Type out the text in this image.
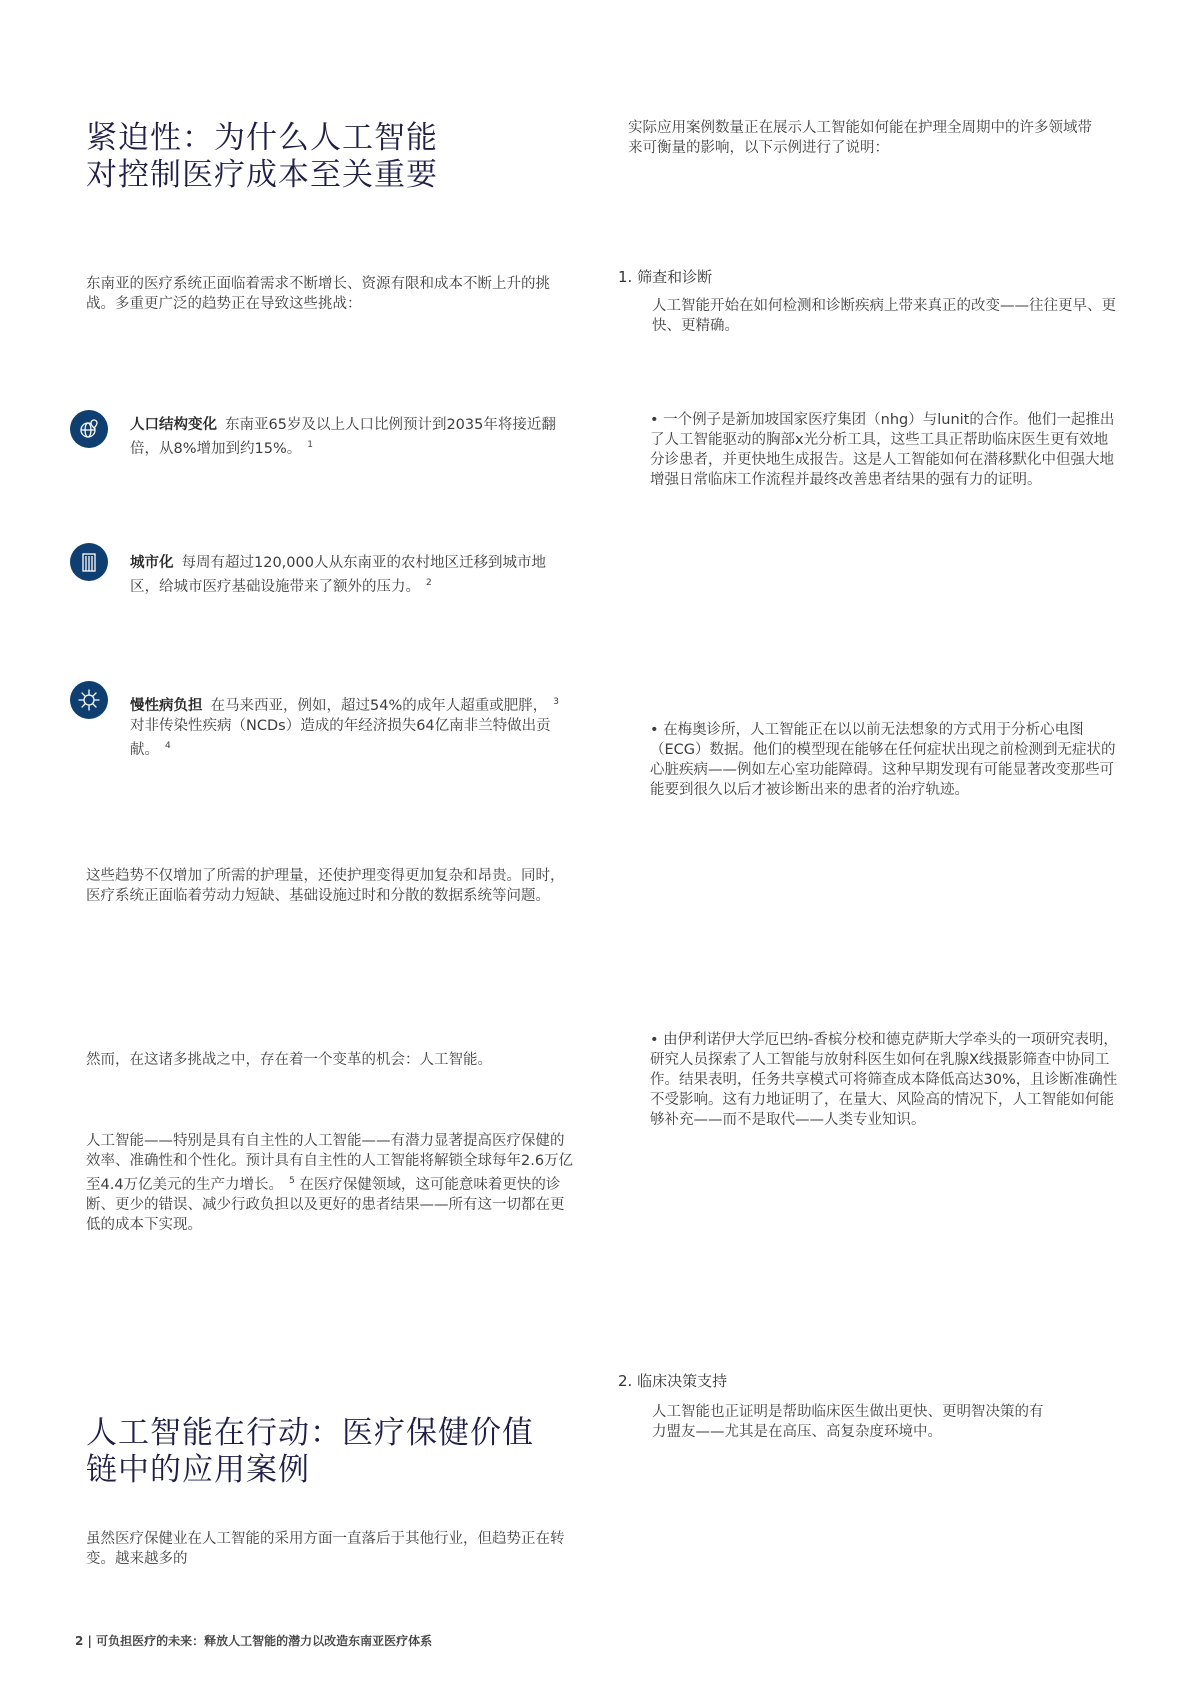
紧迫性：为什么人工智能
对控制医疗成本至关重要
东南亚的医疗系统正面临着需求不断增长、资源有限和成本不断上升的挑战。多重更广泛的趋势正在导致这些挑战：
人口结构变化 东南亚65岁及以上人口比例预计到2035年将接近翻倍，从8%增加到约15%。 $^1$
城市化 每周有超过120,000人从东南亚的农村地区迁移到城市地区，给城市医疗基础设施带来了额外的压力。 $^2$
慢性病负担 在马来西亚，例如，超过54%的成年人超重或肥胖， $^3$ 对非传染性疾病（NCDs）造成的年经济损失64亿南非兰特做出贡献。 $^4$
这些趋势不仅增加了所需的护理量，还使护理变得更加复杂和昂贵。同时，医疗系统正面临着劳动力短缺、基础设施过时和分散的数据系统等问题。
然而，在这诸多挑战之中，存在着一个变革的机会：人工智能。
人工智能——特别是具有自主性的人工智能——有潜力显著提高医疗保健的效率、准确性和个性化。预计具有自主性的人工智能将解锁全球每年2.6万亿至4.4万亿美元的生产力增长。 $^5$ 在医疗保健领域，这可能意味着更快的诊断、更少的错误、减少行政负担以及更好的患者结果——所有这一切都在更低的成本下实现。
人工智能在行动：医疗保健价值
链中的应用案例
虽然医疗保健业在人工智能的采用方面一直落后于其他行业，但趋势正在转变。越来越多的
2 | 可负担医疗的未来：释放人工智能的潜力以改造东南亚医疗体系
实际应用案例数量正在展示人工智能如何能在护理全周期中的许多领域带来可衡量的影响，以下示例进行了说明：
1. 筛查和诊断
人工智能开始在如何检测和诊断疾病上带来真正的改变——往往更早、更快、更精确。
• 一个例子是新加坡国家医疗集团（nhg）与lunit的合作。他们一起推出了人工智能驱动的胸部x光分析工具，这些工具正帮助临床医生更有效地分诊患者，并更快地生成报告。这是人工智能如何在潜移默化中但强大地增强日常临床工作流程并最终改善患者结果的强有力的证明。
• 在梅奥诊所，人工智能正在以以前无法想象的方式用于分析心电图（ECG）数据。他们的模型现在能够在任何症状出现之前检测到无症状的心脏疾病——例如左心室功能障碍。这种早期发现有可能显著改变那些可能要到很久以后才被诊断出来的患者的治疗轨迹。
• 由伊利诺伊大学厄巴纳-香槟分校和德克萨斯大学牵头的一项研究表明，研究人员探索了人工智能与放射科医生如何在乳腺X线摄影筛查中协同工作。结果表明，任务共享模式可将筛查成本降低高达30%，且诊断准确性不受影响。这有力地证明了，在量大、风险高的情况下，人工智能如何能够补充——而不是取代——人类专业知识。
2. 临床决策支持
人工智能也正证明是帮助临床医生做出更快、更明智决策的有力盟友——尤其是在高压、高复杂度环境中。
